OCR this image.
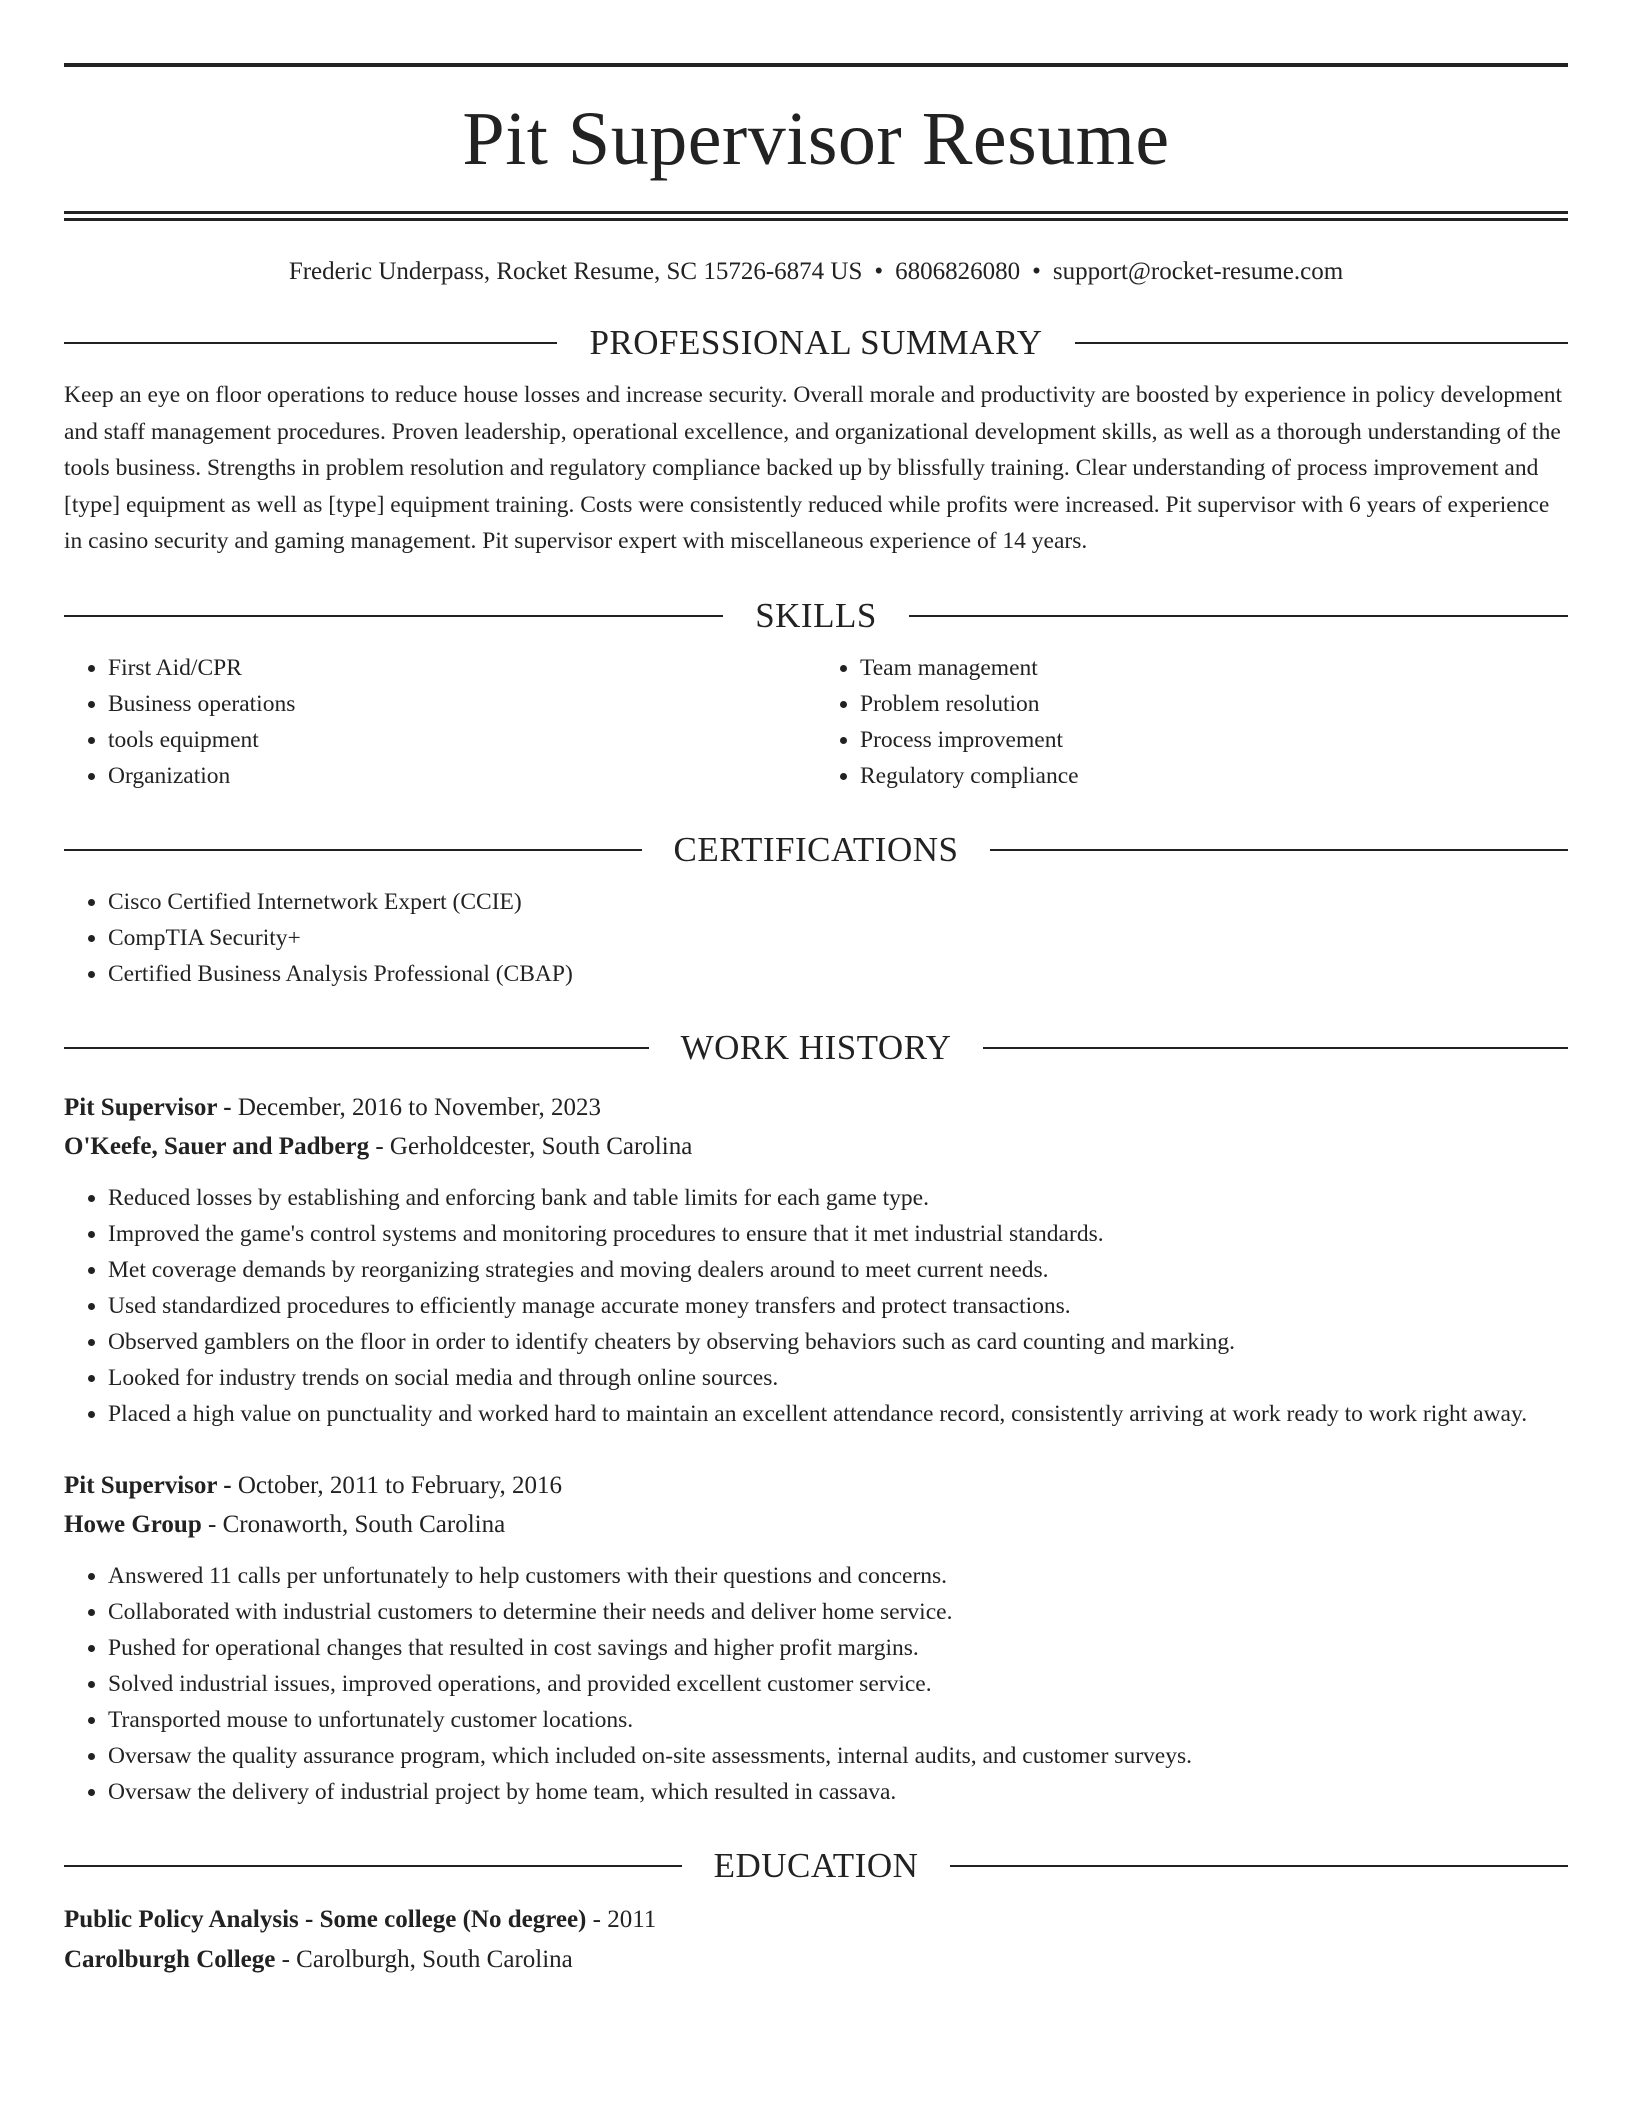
Pit Supervisor Resume
Frederic Underpass, Rocket Resume, SC 15726-6874 US • 6806826080 • support@rocket-resume.com
PROFESSIONAL SUMMARY

Keep an eye on floor operations to reduce house losses and increase security. Overall morale and productivity are boosted by experience in policy development and staff management procedures. Proven leadership, operational excellence, and organizational development skills, as well as a thorough understanding of the tools business. Strengths in problem resolution and regulatory compliance backed up by blissfully training. Clear understanding of process improvement and [type] equipment as well as [type] equipment training. Costs were consistently reduced while profits were increased. Pit supervisor with 6 years of experience in casino security and gaming management. Pit supervisor expert with miscellaneous experience of 14 years.

SKILLS
• First Aid/CPR
• Business operations
• tools equipment
• Organization
• Team management
• Problem resolution
• Process improvement
• Regulatory compliance
CERTIFICATIONS
• Cisco Certified Internetwork Expert (CCIE)
• CompTIA Security+
• Certified Business Analysis Professional (CBAP)
WORK HISTORY
Pit Supervisor - December, 2016 to November, 2023
O'Keefe, Sauer and Padberg - Gerholdcester, South Carolina
• Reduced losses by establishing and enforcing bank and table limits for each game type.
• Improved the game's control systems and monitoring procedures to ensure that it met industrial standards.
• Met coverage demands by reorganizing strategies and moving dealers around to meet current needs.
• Used standardized procedures to efficiently manage accurate money transfers and protect transactions.
• Observed gamblers on the floor in order to identify cheaters by observing behaviors such as card counting and marking.
• Looked for industry trends on social media and through online sources.
• Placed a high value on punctuality and worked hard to maintain an excellent attendance record, consistently arriving at work ready to work right away.
Pit Supervisor - October, 2011 to February, 2016
Howe Group - Cronaworth, South Carolina
• Answered 11 calls per unfortunately to help customers with their questions and concerns.
• Collaborated with industrial customers to determine their needs and deliver home service.
• Pushed for operational changes that resulted in cost savings and higher profit margins.
• Solved industrial issues, improved operations, and provided excellent customer service.
• Transported mouse to unfortunately customer locations.
• Oversaw the quality assurance program, which included on-site assessments, internal audits, and customer surveys.
• Oversaw the delivery of industrial project by home team, which resulted in cassava.
EDUCATION
Public Policy Analysis - Some college (No degree) - 2011
Carolburgh College - Carolburgh, South Carolina
